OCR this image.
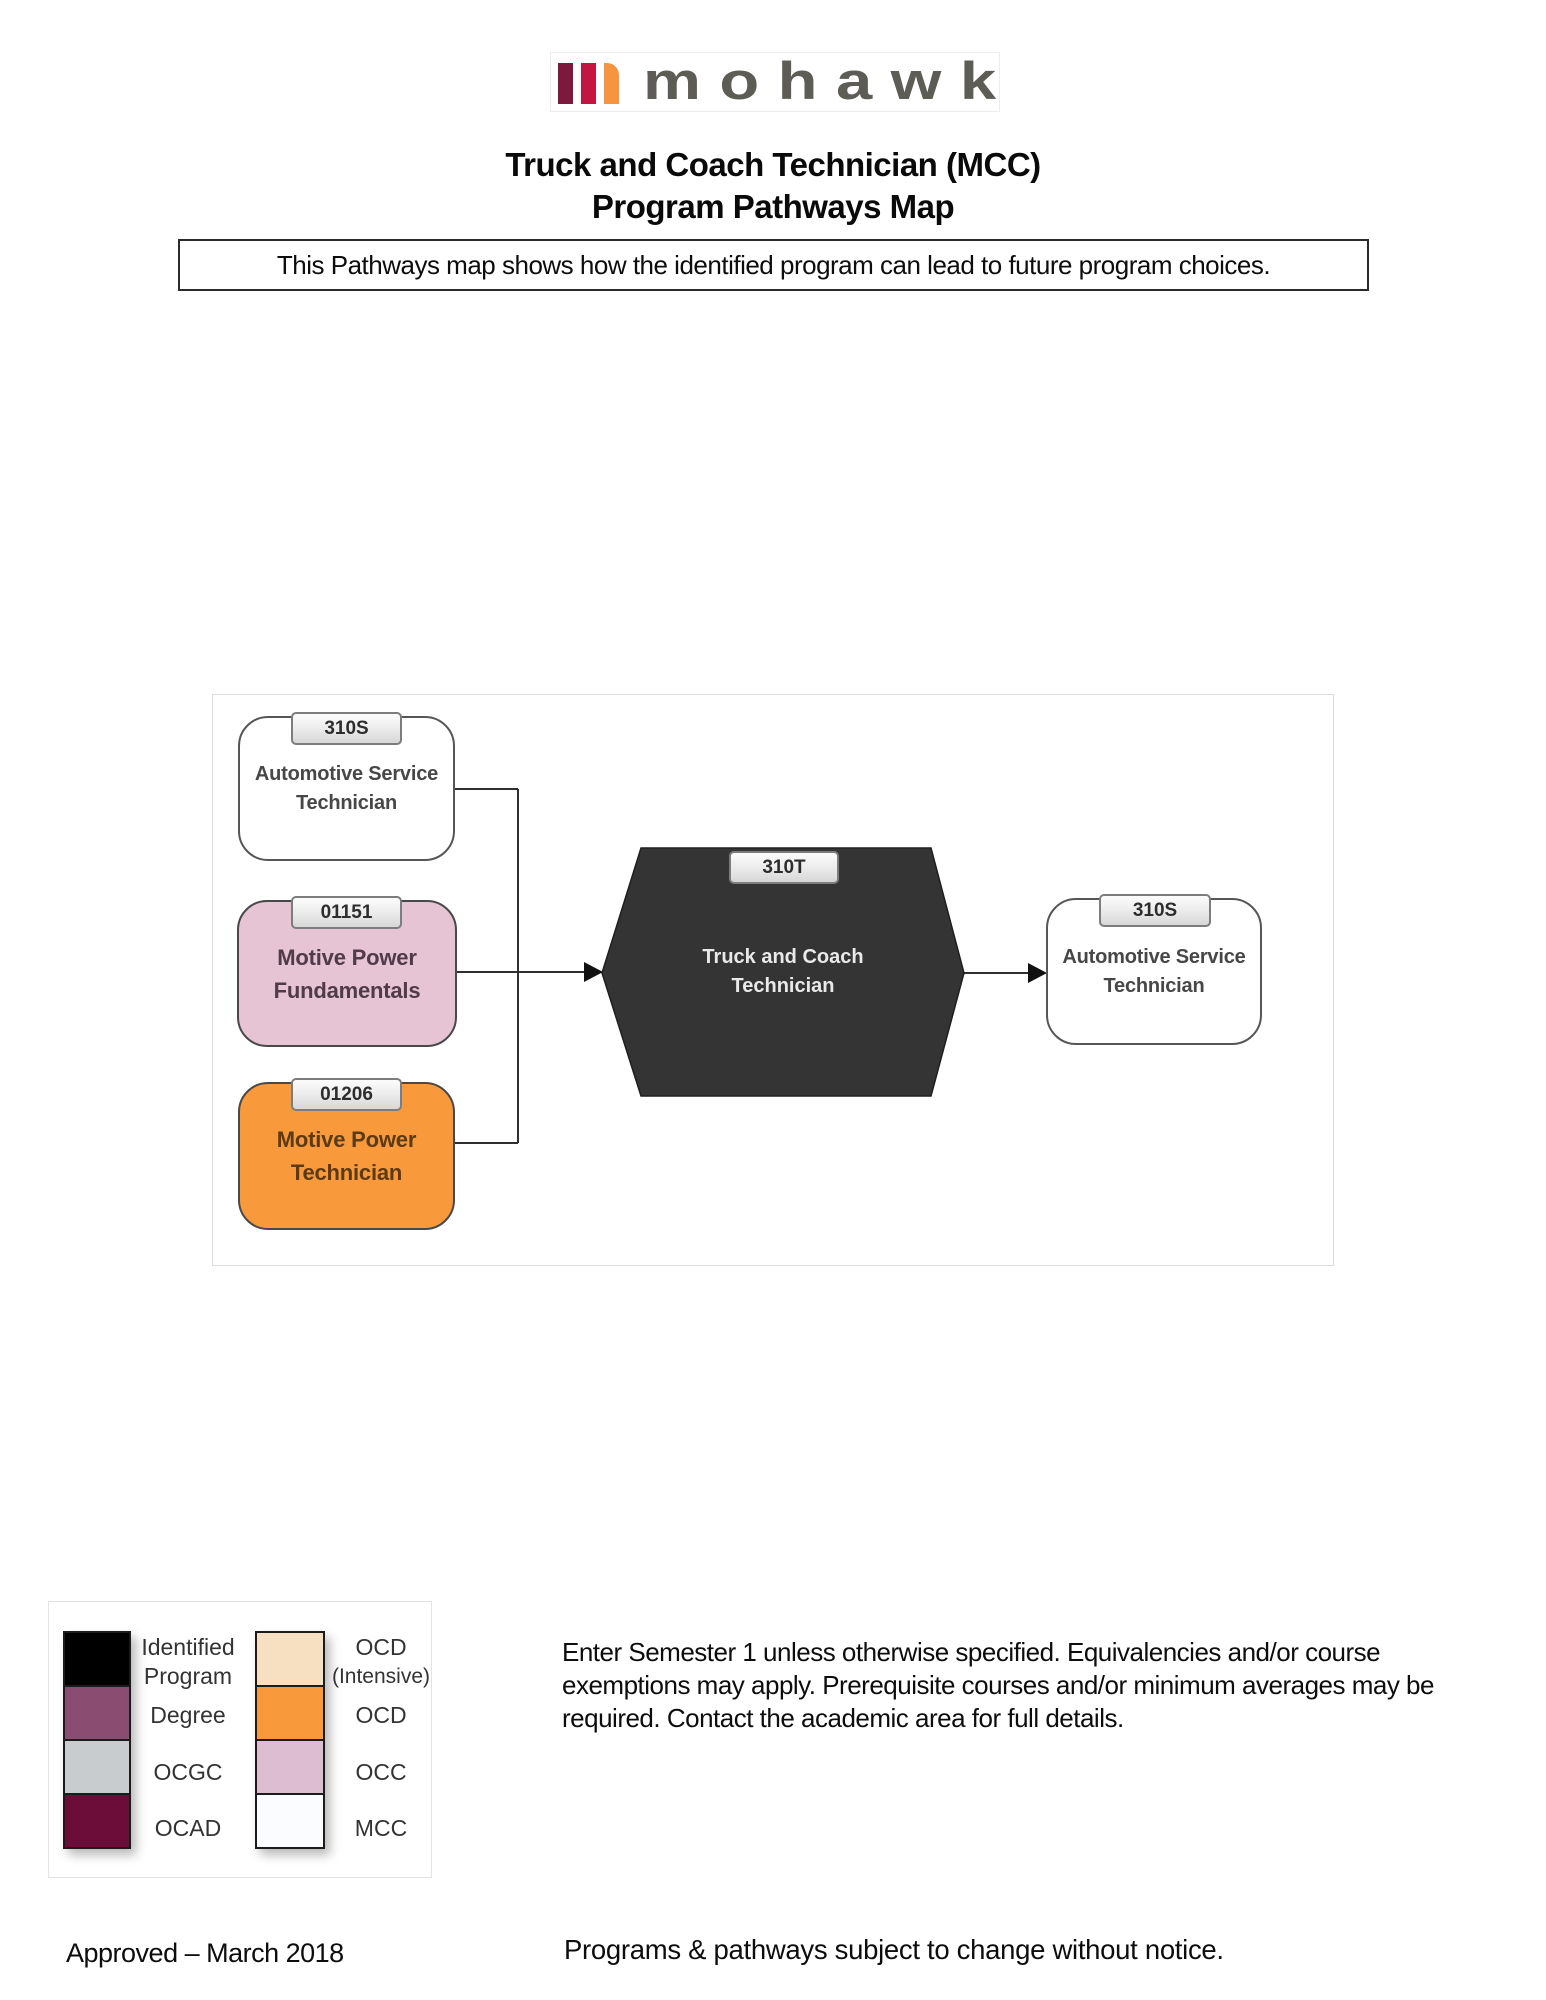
mohawk
Truck and Coach Technician (MCC)
Program Pathways Map
This Pathways map shows how the identified program can lead to future program choices.
Automotive Service
Technician
310S
Motive Power
Fundamentals
01151
Motive Power
Technician
01206
Truck and Coach
Technician
310T
Automotive Service
Technician
310S
Identified
Program
Degree
OCGC
OCAD
OCD
(Intensive)
OCD
OCC
MCC
Enter Semester 1 unless otherwise specified. Equivalencies and/or course exemptions may apply. Prerequisite courses and/or minimum averages may be required. Contact the academic area for full details.
Approved – March 2018	Programs & pathways subject to change without notice.
